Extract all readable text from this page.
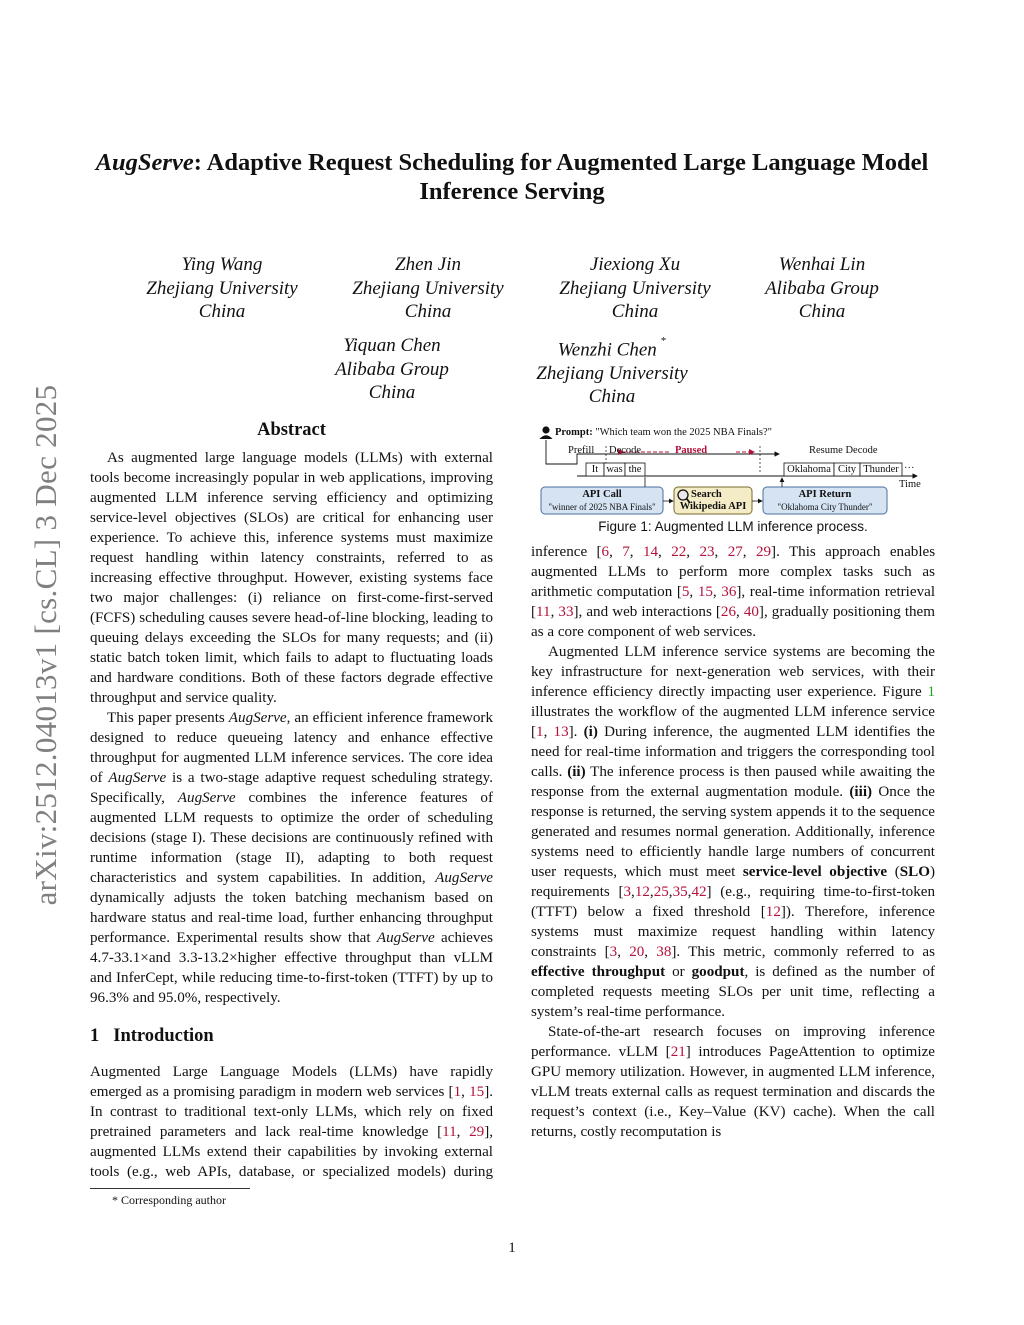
arXiv:2512.04013v1 [cs.CL] 3 Dec 2025
AugServe: Adaptive Request Scheduling for Augmented Large Language Model Inference Serving
Ying Wang
Zhejiang University
China
Zhen Jin
Zhejiang University
China
Jiexiong Xu
Zhejiang University
China
Wenhai Lin
Alibaba Group
China
Yiquan Chen
Alibaba Group
China
Wenzhi Chen *
Zhejiang University
China
Abstract

As augmented large language models (LLMs) with external tools become increasingly popular in web applications, improving augmented LLM inference serving efficiency and optimizing service-level objectives (SLOs) are critical for enhancing user experience. To achieve this, inference systems must maximize request handling within latency constraints, referred to as increasing effective throughput. However, existing systems face two major challenges: (i) reliance on first-come-first-served (FCFS) scheduling causes severe head-of-line blocking, leading to queuing delays exceeding the SLOs for many requests; and (ii) static batch token limit, which fails to adapt to fluctuating loads and hardware conditions. Both of these factors degrade effective throughput and service quality.

This paper presents AugServe, an efficient inference framework designed to reduce queueing latency and enhance effective throughput for augmented LLM inference services. The core idea of AugServe is a two-stage adaptive request scheduling strategy. Specifically, AugServe combines the inference features of augmented LLM requests to optimize the order of scheduling decisions (stage I). These decisions are continuously refined with runtime information (stage II), adapting to both request characteristics and system capabilities. In addition, AugServe dynamically adjusts the token batching mechanism based on hardware status and real-time load, further enhancing throughput performance. Experimental results show that AugServe achieves 4.7-33.1×and 3.3-13.2×higher effective throughput than vLLM and InferCept, while reducing time-to-first-token (TTFT) by up to 96.3% and 95.0%, respectively.

1 Introduction

Augmented Large Language Models (LLMs) have rapidly emerged as a promising paradigm in modern web services [1, 15]. In contrast to traditional text-only LLMs, which rely on fixed pretrained parameters and lack real-time knowledge [11, 29], augmented LLMs extend their capabilities by invoking external tools (e.g., web APIs, database, or specialized models) during

Prompt: "Which team won the 2025 NBA Finals?"
Prefill Decode	Paused	Resume Decode
It was the	Oklahoma City Thunder ···
Time
API Call
"winner of 2025 NBA Finals"
Search
Wikipedia API
API Return
"Oklahoma City Thunder"
Figure 1: Augmented LLM inference process.

inference [6, 7, 14, 22, 23, 27, 29]. This approach enables augmented LLMs to perform more complex tasks such as arithmetic computation [5, 15, 36], real-time information retrieval [11, 33], and web interactions [26, 40], gradually positioning them as a core component of web services.

Augmented LLM inference service systems are becoming the key infrastructure for next-generation web services, with their inference efficiency directly impacting user experience. Figure 1 illustrates the workflow of the augmented LLM inference service [1, 13]. (i) During inference, the augmented LLM identifies the need for real-time information and triggers the corresponding tool calls. (ii) The inference process is then paused while awaiting the response from the external augmentation module. (iii) Once the response is returned, the serving system appends it to the sequence generated and resumes normal generation. Additionally, inference systems need to efficiently handle large numbers of concurrent user requests, which must meet service-level objective (SLO) requirements [3,12,25,35,42] (e.g., requiring time-to-first-token (TTFT) below a fixed threshold [12]). Therefore, inference systems must maximize request handling within latency constraints [3, 20, 38]. This metric, commonly referred to as effective throughput or goodput, is defined as the number of completed requests meeting SLOs per unit time, reflecting a system’s real-time performance.

State-of-the-art research focuses on improving inference performance. vLLM [21] introduces PageAttention to optimize GPU memory utilization. However, in augmented LLM inference, vLLM treats external calls as request termination and discards the request’s context (i.e., Key–Value (KV) cache). When the call returns, costly recomputation is

* Corresponding author
1
